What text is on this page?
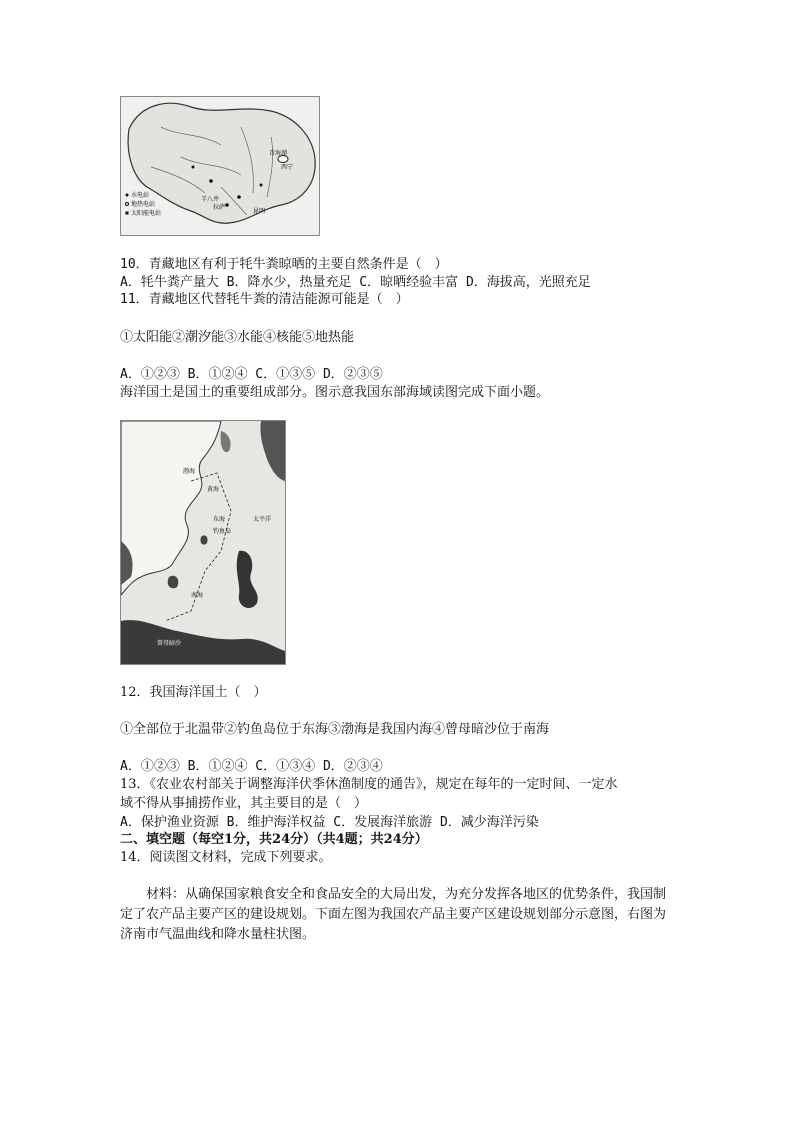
青海湖
西宁
拉萨
羊八井
昆明
水电站
地热电站
太阳能电站
10．青藏地区有利于牦牛粪晾晒的主要自然条件是（　）
A．牦牛粪产量大 B．降水少，热量充足 C．晾晒经验丰富 D．海拔高，光照充足
11．青藏地区代替牦牛粪的清洁能源可能是（　）
①太阳能②潮汐能③水能④核能⑤地热能
A．①②③ B．①②④ C．①③⑤ D．②③⑤
海洋国土是国土的重要组成部分。图示意我国东部海域读图完成下面小题。
渤海
黄海
东海
钓鱼岛
南海
曾母暗沙
太平洋
12．我国海洋国土（　）
①全部位于北温带②钓鱼岛位于东海③渤海是我国内海④曾母暗沙位于南海
A．①②③ B．①②④ C．①③④ D．②③④
13．《农业农村部关于调整海洋伏季休渔制度的通告》，规定在每年的一定时间、一定水
域不得从事捕捞作业，其主要目的是（　）
A．保护渔业资源 B．维护海洋权益 C．发展海洋旅游 D．减少海洋污染
二、填空题（每空1分，共24分）（共4题；共24分）
14．阅读图文材料，完成下列要求。
材料：从确保国家粮食安全和食品安全的大局出发，为充分发挥各地区的优势条件，我国制定了农产品主要产区的建设规划。下面左图为我国农产品主要产区建设规划部分示意图，右图为济南市气温曲线和降水量柱状图。
